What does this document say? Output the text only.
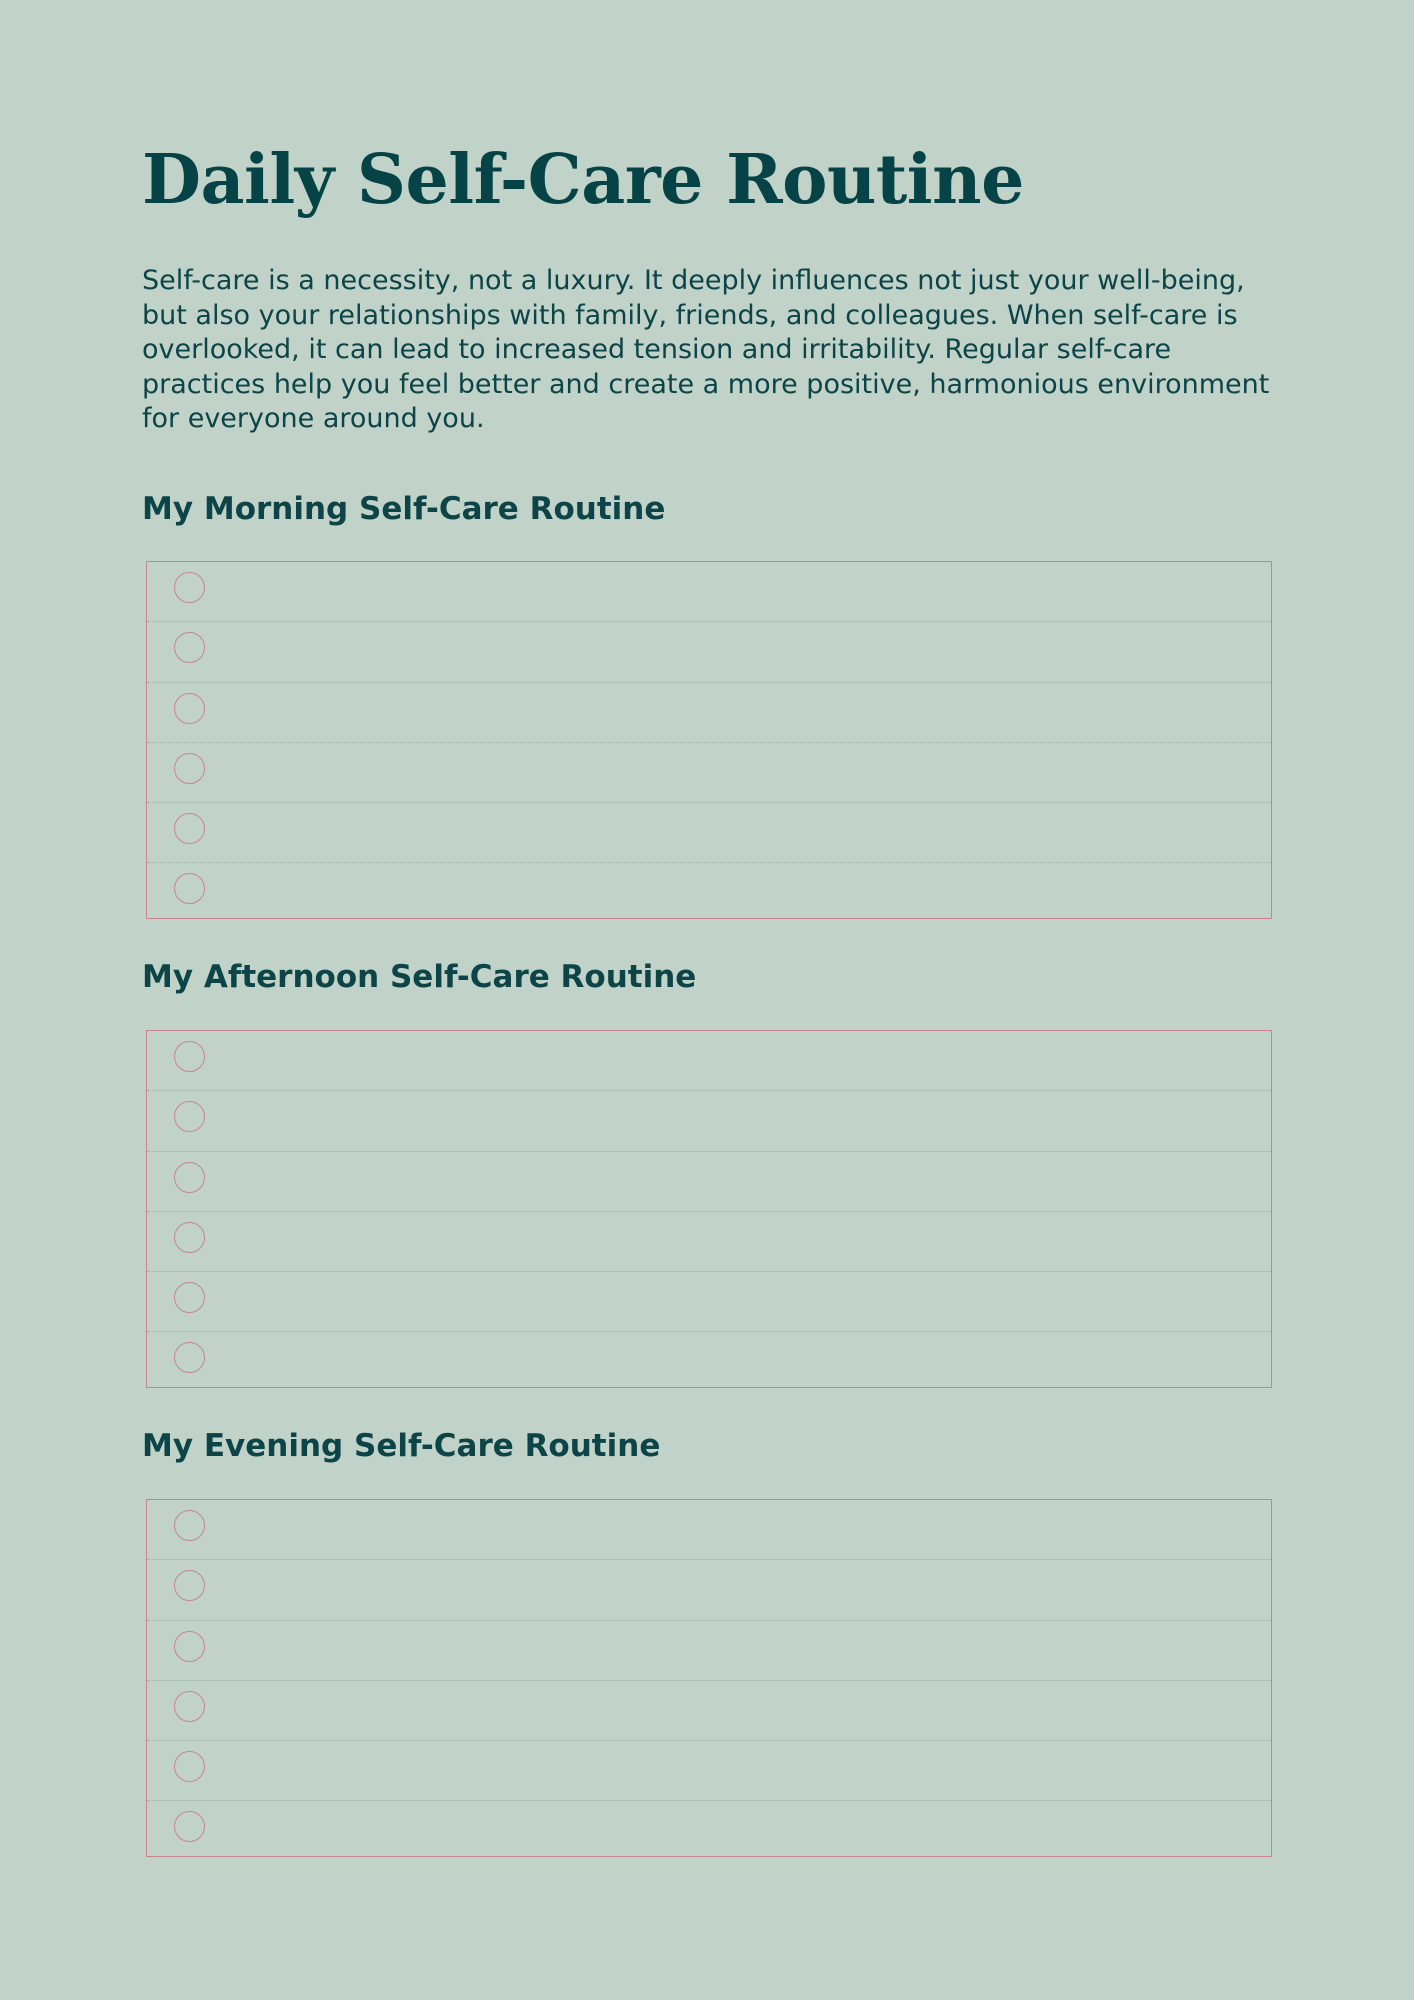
Daily Self-Care Routine

Self-care is a necessity, not a luxury. It deeply influences not just your well-being, but also your relationships with family, friends, and colleagues. When self-care is overlooked, it can lead to increased tension and irritability. Regular self-care practices help you feel better and create a more positive, harmonious environment for everyone around you.

My Morning Self-Care Routine
My Afternoon Self-Care Routine
My Evening Self-Care Routine
